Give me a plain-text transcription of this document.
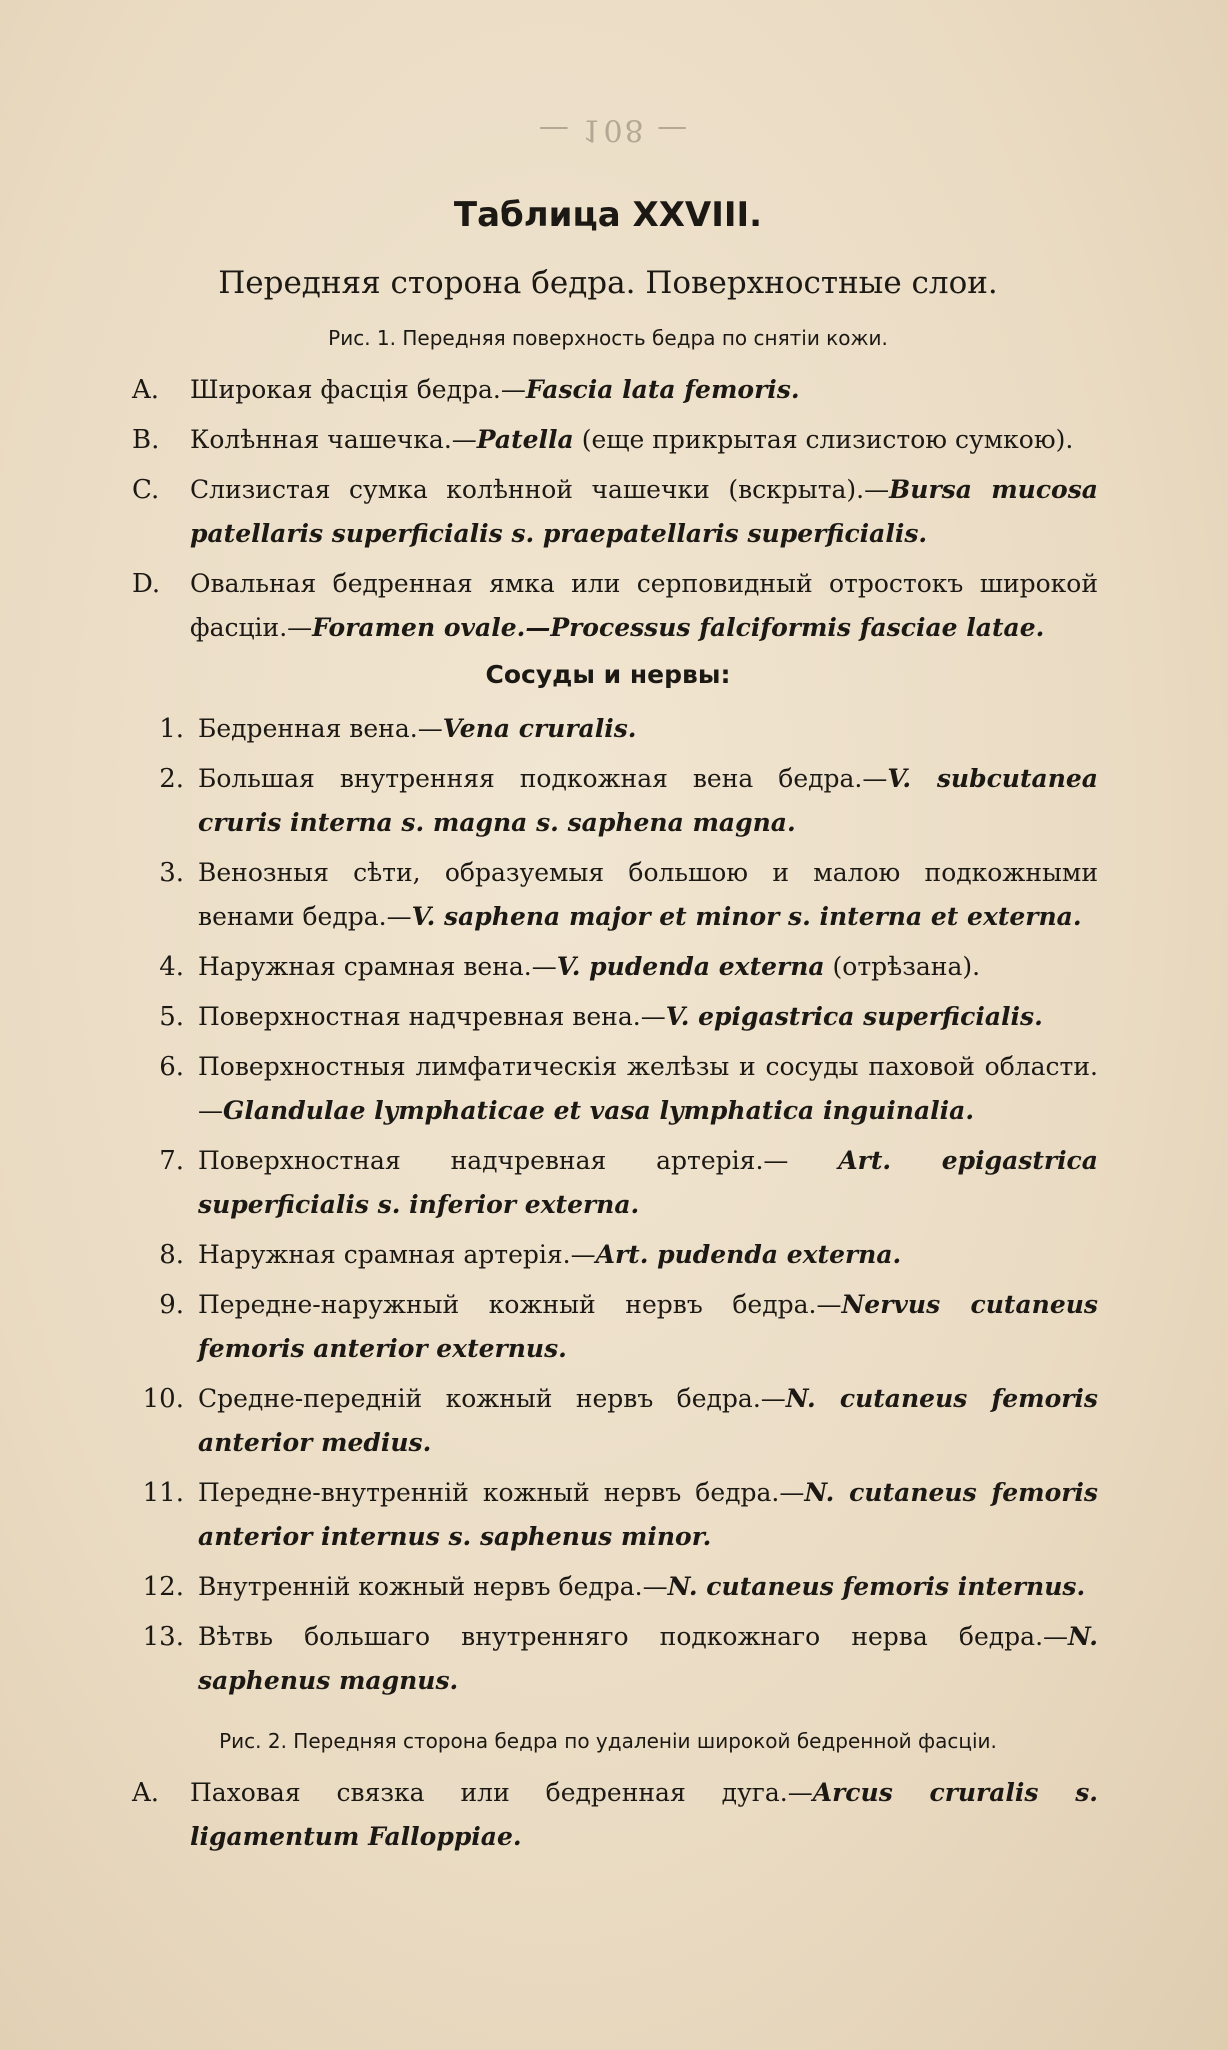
— 108 —
Таблица XXVIII.
Передняя сторона бедра. Поверхностные слои.
Рис. 1. Передняя поверхность бедра по снятіи кожи.
A.	Широкая фасція бедра.—Fascia lata femoris.
B.	Колѣнная чашечка.—Patella (еще прикрытая слизистою сумкою).
C.	Слизистая сумка колѣнной чашечки (вскрыта).—Bursa mucosa patellaris superficialis s. praepatellaris superficialis.
D.	Овальная бедренная ямка или серповидный отростокъ широкой фасціи.—Foramen ovale.—Processus falciformis fasciae latae.
Сосуды и нервы:
1. Бедренная вена.—Vena cruralis.
2. Большая внутренняя подкожная вена бедра.—V. subcutanea cruris interna s. magna s. saphena magna.
3. Венозныя сѣти, образуемыя большою и малою подкожными венами бедра.—V. saphena major et minor s. interna et externa.
4. Наружная срамная вена.—V. pudenda externa (отрѣзана).
5. Поверхностная надчревная вена.—V. epigastrica superficialis.
6. Поверхностныя лимфатическія желѣзы и сосуды паховой области.—Glandulae lymphaticae et vasa lymphatica inguinalia.
7. Поверхностная надчревная артерія.— Art. epigastrica superficialis s. inferior externa.
8. Наружная срамная артерія.—Art. pudenda externa.
9. Передне-наружный кожный нервъ бедра.—Nervus cutaneus femoris anterior externus.
10. Средне-передній кожный нервъ бедра.—N. cutaneus femoris anterior medius.
11. Передне-внутренній кожный нервъ бедра.—N. cutaneus femoris anterior internus s. saphenus minor.
12. Внутренній кожный нервъ бедра.—N. cutaneus femoris internus.
13. Вѣтвь большаго внутренняго подкожнаго нерва бедра.—N. saphenus magnus.
Рис. 2. Передняя сторона бедра по удаленіи широкой бедренной фасціи.
A.	Паховая связка или бедренная дуга.—Arcus cruralis s. ligamentum Falloppiae.
